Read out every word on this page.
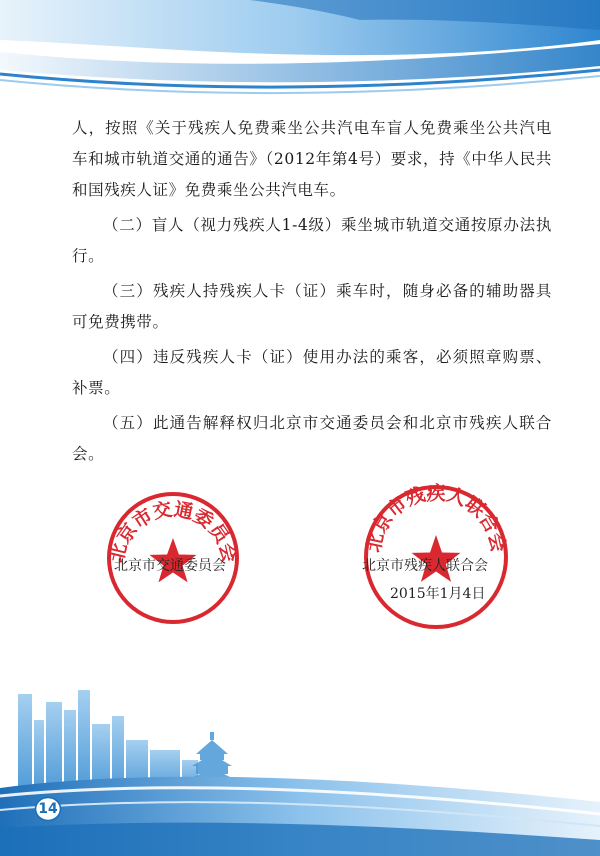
人，按照《关于残疾人免费乘坐公共汽电车盲人免费乘坐公共汽电车和城市轨道交通的通告》（2012年第4号）要求，持《中华人民共和国残疾人证》免费乘坐公共汽电车。

（二）盲人（视力残疾人1-4级）乘坐城市轨道交通按原办法执行。

（三）残疾人持残疾人卡（证）乘车时，随身必备的辅助器具可免费携带。

（四）违反残疾人卡（证）使用办法的乘客，必须照章购票、补票。

（五）此通告解释权归北京市交通委员会和北京市残疾人联合会。

北京市交通委员会	北京市残疾人联合会
北京市交通委员会	北京市残疾人联合会
2015年1月4日
14
